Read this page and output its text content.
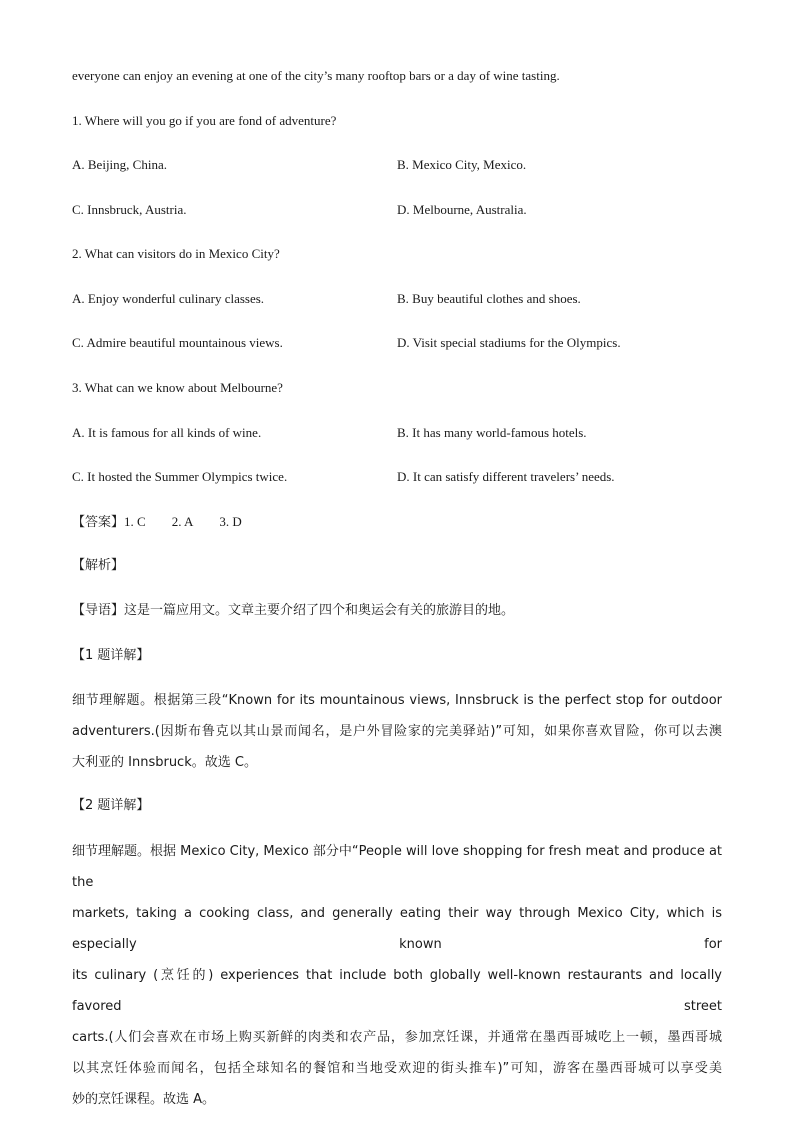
everyone can enjoy an evening at one of the city’s many rooftop bars or a day of wine tasting.
1. Where will you go if you are fond of adventure?
A. Beijing, China.	B. Mexico City, Mexico.
C. Innsbruck, Austria.	D. Melbourne, Australia.
2. What can visitors do in Mexico City?
A. Enjoy wonderful culinary classes.	B. Buy beautiful clothes and shoes.
C. Admire beautiful mountainous views.	D. Visit special stadiums for the Olympics.
3. What can we know about Melbourne?
A. It is famous for all kinds of wine.	B. It has many world-famous hotels.
C. It hosted the Summer Olympics twice.	D. It can satisfy different travelers’ needs.
【答案】1. C 2. A 3. D
【解析】
【导语】这是一篇应用文。文章主要介绍了四个和奥运会有关的旅游目的地。
【1 题详解】
细节理解题。根据第三段“Known for its mountainous views, Innsbruck is the perfect stop for outdoor
adventurers.(因斯布鲁克以其山景而闻名，是户外冒险家的完美驿站)”可知，如果你喜欢冒险，你可以去澳
大利亚的 Innsbruck。故选 C。
【2 题详解】
细节理解题。根据 Mexico City, Mexico 部分中“People will love shopping for fresh meat and produce at the
markets, taking a cooking class, and generally eating their way through Mexico City, which is especially known for
its culinary (烹饪的) experiences that include both globally well-known restaurants and locally favored street
carts.(人们会喜欢在市场上购买新鲜的肉类和农产品，参加烹饪课，并通常在墨西哥城吃上一顿，墨西哥城
以其烹饪体验而闻名，包括全球知名的餐馆和当地受欢迎的街头推车)”可知，游客在墨西哥城可以享受美
妙的烹饪课程。故选 A。
